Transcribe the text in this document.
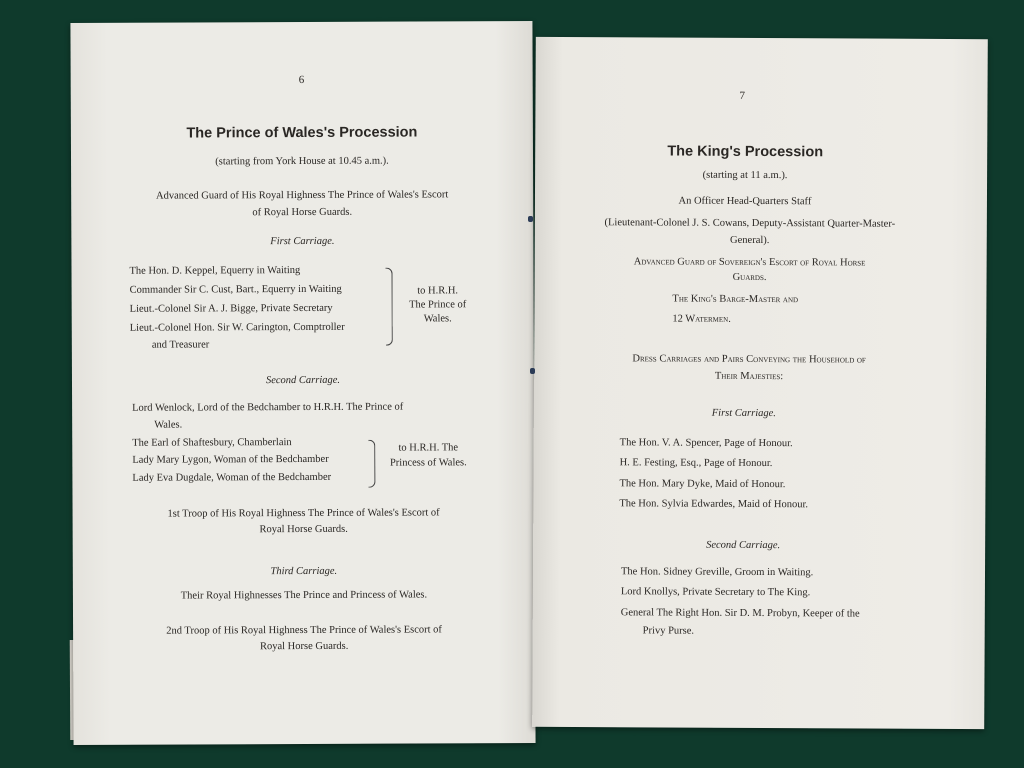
6
The Prince of Wales's Procession
(starting from York House at 10.45 a.m.).
Advanced Guard of His Royal Highness The Prince of Wales's Escort
of Royal Horse Guards.
First Carriage.
The Hon. D. Keppel, Equerry in Waiting
Commander Sir C. Cust, Bart., Equerry in Waiting
Lieut.-Colonel Sir A. J. Bigge, Private Secretary
Lieut.-Colonel Hon. Sir W. Carington, Comptroller
and Treasurer
to H.R.H.
The Prince of
Wales.
Second Carriage.
Lord Wenlock, Lord of the Bedchamber to H.R.H. The Prince of
Wales.
The Earl of Shaftesbury, Chamberlain
Lady Mary Lygon, Woman of the Bedchamber
Lady Eva Dugdale, Woman of the Bedchamber
to H.R.H. The
Princess of Wales.
1st Troop of His Royal Highness The Prince of Wales's Escort of
Royal Horse Guards.
Third Carriage.
Their Royal Highnesses The Prince and Princess of Wales.
2nd Troop of His Royal Highness The Prince of Wales's Escort of
Royal Horse Guards.
7
The King's Procession
(starting at 11 a.m.).
An Officer Head-Quarters Staff
(Lieutenant-Colonel J. S. Cowans, Deputy-Assistant Quarter-Master-
General).
Advanced Guard of Sovereign's Escort of Royal Horse
Guards.
The King's Barge-Master and
12 Watermen.
Dress Carriages and Pairs Conveying the Household of
Their Majesties:
First Carriage.
The Hon. V. A. Spencer, Page of Honour.
H. E. Festing, Esq., Page of Honour.
The Hon. Mary Dyke, Maid of Honour.
The Hon. Sylvia Edwardes, Maid of Honour.
Second Carriage.
The Hon. Sidney Greville, Groom in Waiting.
Lord Knollys, Private Secretary to The King.
General The Right Hon. Sir D. M. Probyn, Keeper of the
Privy Purse.
